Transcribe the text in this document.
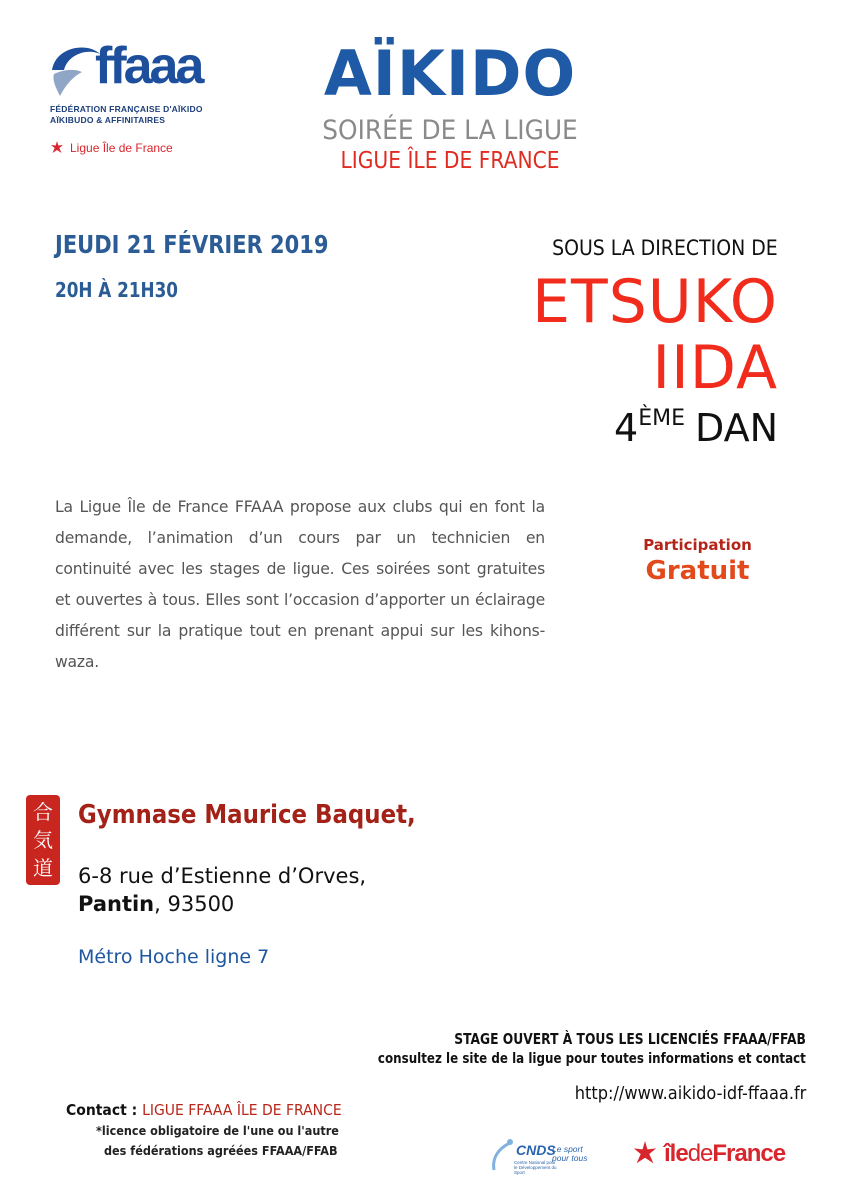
ffaaa
FÉDÉRATION FRANÇAISE D'AÏKIDO
AÏKIBUDO & AFFINITAIRES
Ligue Île de France
AÏKIDO
SOIRÉE DE LA LIGUE
LIGUE ÎLE DE FRANCE
JEUDI 21 FÉVRIER 2019
20H À 21H30
SOUS LA DIRECTION DE
ETSUKO
IIDA
4ÈME DAN

La Ligue Île de France FFAAA propose aux clubs qui en font la demande, l’animation d’un cours par un technicien en continuité avec les stages de ligue. Ces soirées sont gratuites et ouvertes à tous. Elles sont l’occasion d’apporter un éclairage différent sur la pratique tout en prenant appui sur les kihons-waza.

Participation
Gratuit
合
気
道
Gymnase Maurice Baquet,
6-8 rue d’Estienne d’Orves,
Pantin, 93500
Métro Hoche ligne 7
STAGE OUVERT À TOUS LES LICENCIÉS FFAAA/FFAB
consultez le site de la ligue pour toutes informations et contact
http://www.aikido-idf-ffaaa.fr
Contact : LIGUE FFAAA ÎLE DE FRANCE
*licence obligatoire de l'une ou l'autre
des fédérations agréées FFAAA/FFAB	CNDS
Le sport pour tous
Centre National pour le Développement du Sport
îledeFrance
